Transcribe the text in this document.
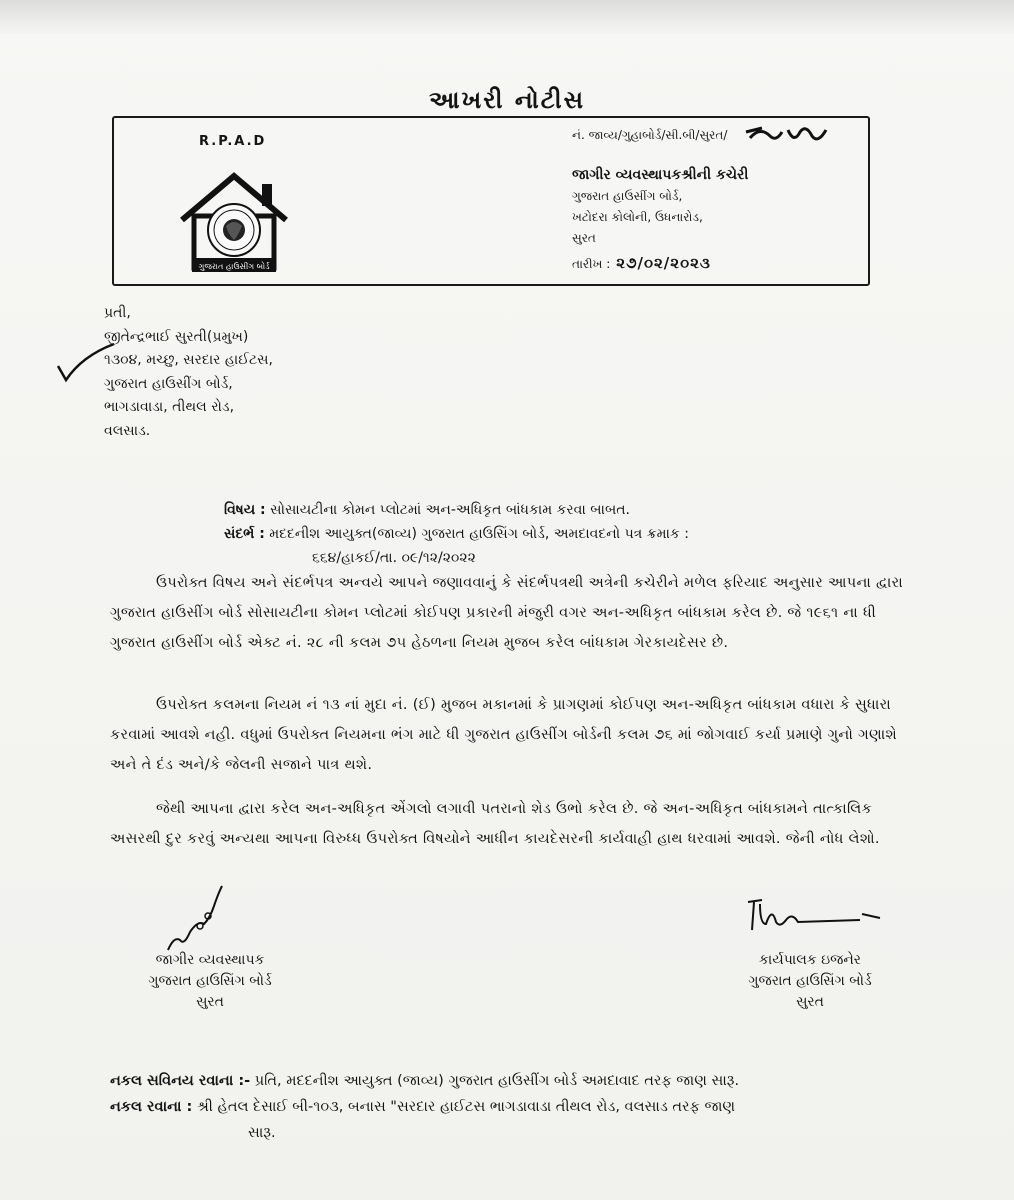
આખરી નોટીસ
R.P.A.D
ગુજરાત હાઉસીંગ બોર્ડ
નં. જાવ્ય/ગુહાબોર્ડ/સી.બી/સુરત/
જાગીર વ્યવસ્થાપકશ્રીની કચેરી
ગુજરાત હાઉસીંગ બોર્ડ,
ખટોદરા કોલોની, ઉધનારોડ,
સુરત
તારીખ : ૨૭/૦૨/૨૦૨૩
પ્રતી,
જીતેન્દ્રભાઈ સુરતી(પ્રમુખ)
૧૩૦૪, મચ્છુ, સરદાર હાઈટસ,
ગુજરાત હાઉસીંગ બોર્ડ,
ભાગડાવાડા, તીથલ રોડ,
વલસાડ.
વિષય : સોસાયટીના કોમન પ્લોટમાં અન-અધિકૃત બાંધકામ કરવા બાબત.
સંદર્ભ : મદદનીશ આયુક્ત(જાવ્ય) ગુજરાત હાઉસિંગ બોર્ડ, અમદાવદનો પત્ર ક્રમાક :
૬૬૪/હાકઈ/તા. ૦૯/૧૨/૨૦૨૨
ઉપરોક્ત વિષય અને સંદર્ભપત્ર અન્વયે આપને જણાવવાનું કે સંદર્ભપત્રથી અત્રેની કચેરીને મળેલ ફરિયાદ અનુસાર આપના દ્વારા ગુજરાત હાઉસીંગ બોર્ડ સોસાયટીના કોમન પ્લોટમાં કોઈપણ પ્રકારની મંજુરી વગર અન-અધિકૃત બાંધકામ કરેલ છે. જે ૧૯૬૧ ના ધી ગુજરાત હાઉસીંગ બોર્ડ એક્ટ નં. ૨૮ ની કલમ ૭૫ હેઠળના નિયમ મુજબ કરેલ બાંધકામ ગેરકાયદેસર છે.
ઉપરોક્ત કલમના નિયમ નં ૧૩ નાં મુદા નં. (ઈ) મુજબ મકાનમાં કે પ્રાગણમાં કોઈપણ અન-અધિકૃત બાંધકામ વધારા કે સુધારા કરવામાં આવશે નહી. વધુમાં ઉપરોક્ત નિયમના ભંગ માટે ધી ગુજરાત હાઉસીંગ બોર્ડની કલમ ૭૬ માં જોગવાઈ કર્યા પ્રમાણે ગુનો ગણાશે અને તે દંડ અને/કે જેલની સજાને પાત્ર થશે.
જેથી આપના દ્વારા કરેલ અન-અધિકૃત એંગલો લગાવી પતરાનો શેડ ઉભો કરેલ છે. જે અન-અધિકૃત બાંધકામને તાત્કાલિક અસરથી દુર કરવું અન્યથા આપના વિરુધ્ધ ઉપરોક્ત વિષયોને આધીન કાયદેસરની કાર્યવાહી હાથ ધરવામાં આવશે. જેની નોધ લેશો.
જાગીર વ્યવસ્થાપક
ગુજરાત હાઉસિંગ બોર્ડ
સુરત
કાર્યપાલક ઇજનેર
ગુજરાત હાઉસિંગ બોર્ડ
સુરત
નકલ સવિનય રવાના :- પ્રતિ, મદદનીશ આયુક્ત (જાવ્ય) ગુજરાત હાઉસીંગ બોર્ડ અમદાવાદ તરફ જાણ સારૂ.
નકલ રવાના : શ્રી હેતલ દેસાઈ બી-૧૦૩, બનાસ "સરદાર હાઈટસ ભાગડાવાડા તીથલ રોડ, વલસાડ તરફ જાણ
સારૂ.
